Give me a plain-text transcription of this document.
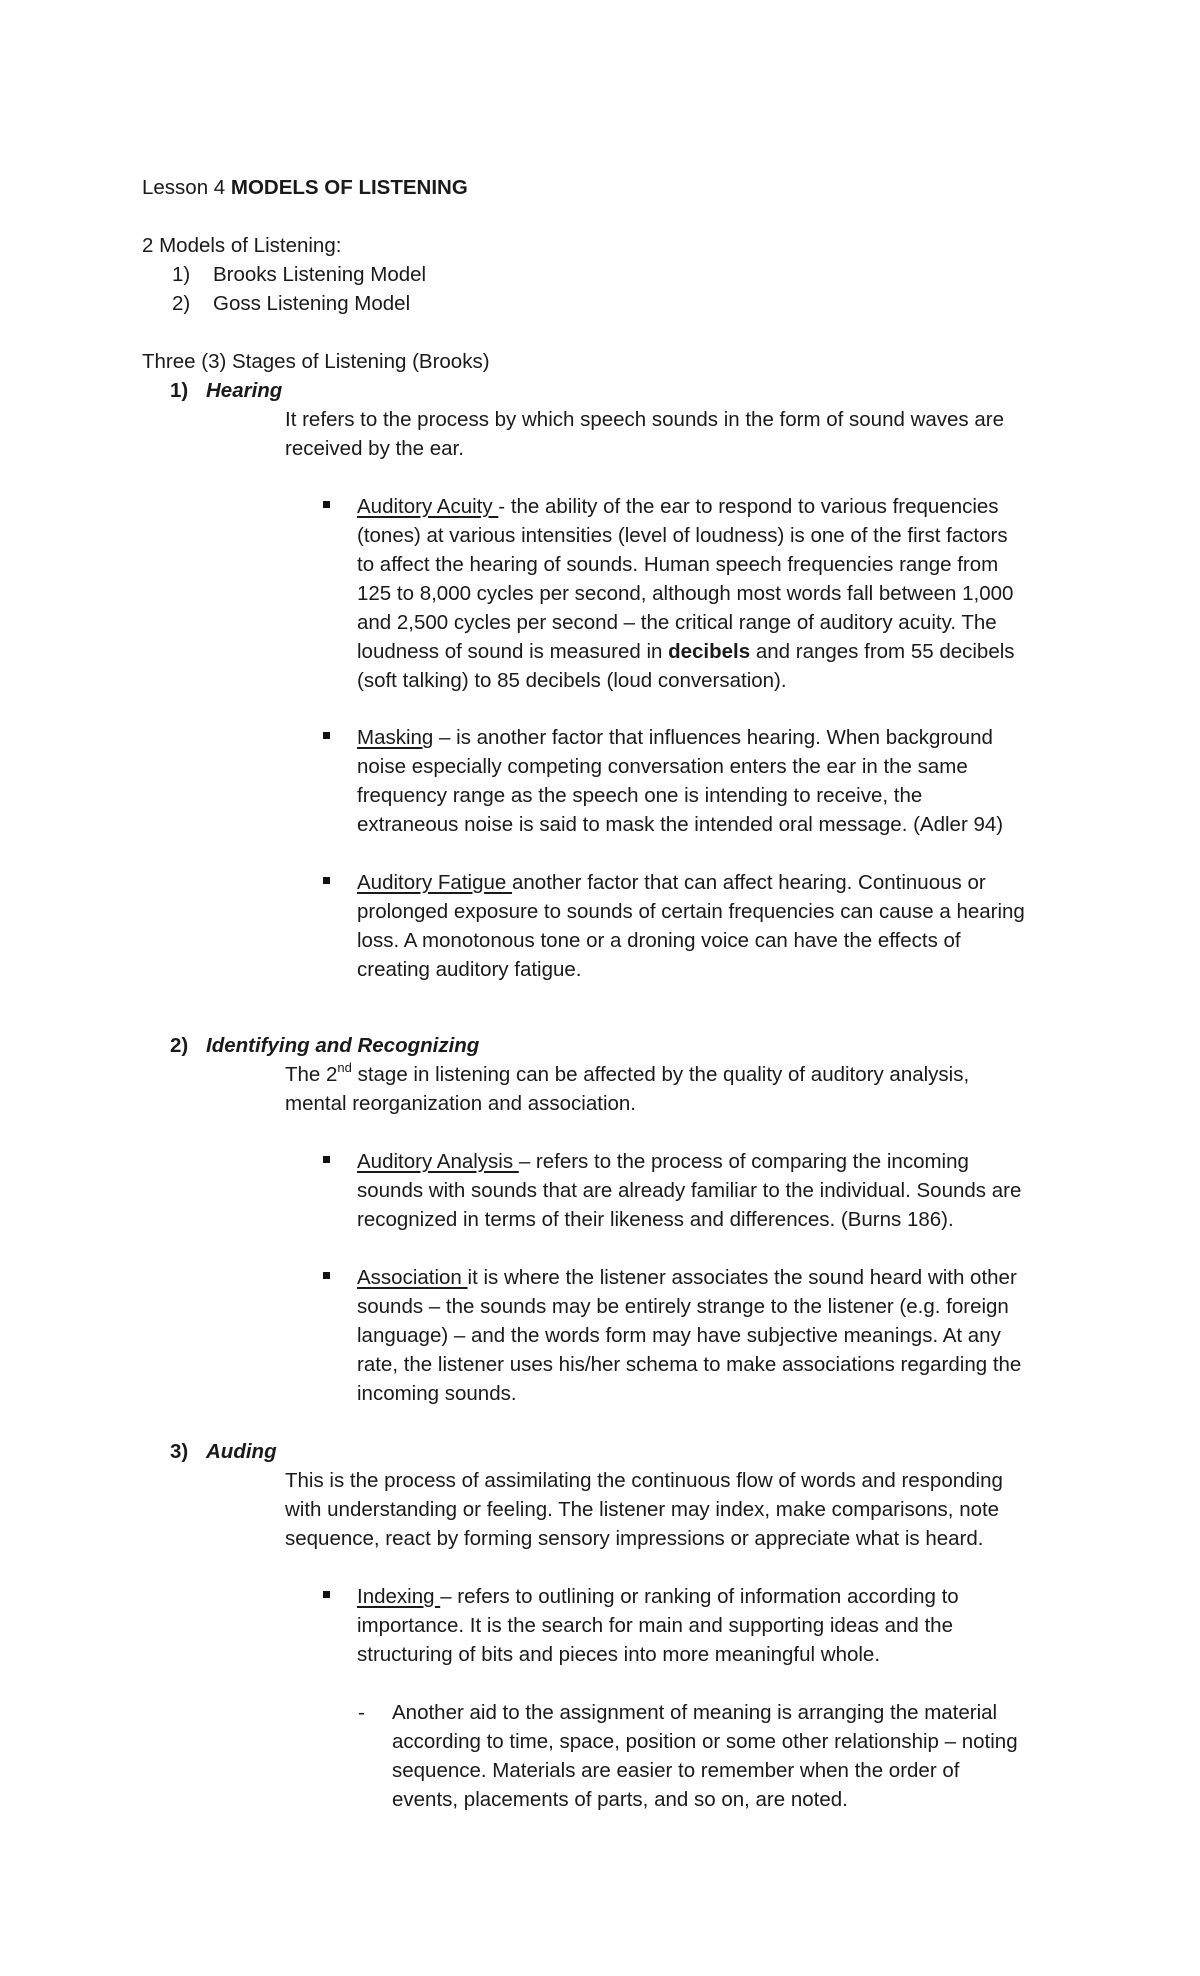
Lesson 4 MODELS OF LISTENING
2 Models of Listening:
1) Brooks Listening Model
2) Goss Listening Model
Three (3) Stages of Listening (Brooks)
1) Hearing
It refers to the process by which speech sounds in the form of sound waves are
received by the ear.
Auditory Acuity - the ability of the ear to respond to various frequencies
(tones) at various intensities (level of loudness) is one of the first factors
to affect the hearing of sounds. Human speech frequencies range from
125 to 8,000 cycles per second, although most words fall between 1,000
and 2,500 cycles per second – the critical range of auditory acuity. The
loudness of sound is measured in decibels and ranges from 55 decibels
(soft talking) to 85 decibels (loud conversation).
Masking – is another factor that influences hearing. When background
noise especially competing conversation enters the ear in the same
frequency range as the speech one is intending to receive, the
extraneous noise is said to mask the intended oral message. (Adler 94)
Auditory Fatigue another factor that can affect hearing. Continuous or
prolonged exposure to sounds of certain frequencies can cause a hearing
loss. A monotonous tone or a droning voice can have the effects of
creating auditory fatigue.
2) Identifying and Recognizing
The 2nd stage in listening can be affected by the quality of auditory analysis,
mental reorganization and association.
Auditory Analysis – refers to the process of comparing the incoming
sounds with sounds that are already familiar to the individual. Sounds are
recognized in terms of their likeness and differences. (Burns 186).
Association it is where the listener associates the sound heard with other
sounds – the sounds may be entirely strange to the listener (e.g. foreign
language) – and the words form may have subjective meanings. At any
rate, the listener uses his/her schema to make associations regarding the
incoming sounds.
3) Auding
This is the process of assimilating the continuous flow of words and responding
with understanding or feeling. The listener may index, make comparisons, note
sequence, react by forming sensory impressions or appreciate what is heard.
Indexing – refers to outlining or ranking of information according to
importance. It is the search for main and supporting ideas and the
structuring of bits and pieces into more meaningful whole.
- Another aid to the assignment of meaning is arranging the material
according to time, space, position or some other relationship – noting
sequence. Materials are easier to remember when the order of
events, placements of parts, and so on, are noted.
